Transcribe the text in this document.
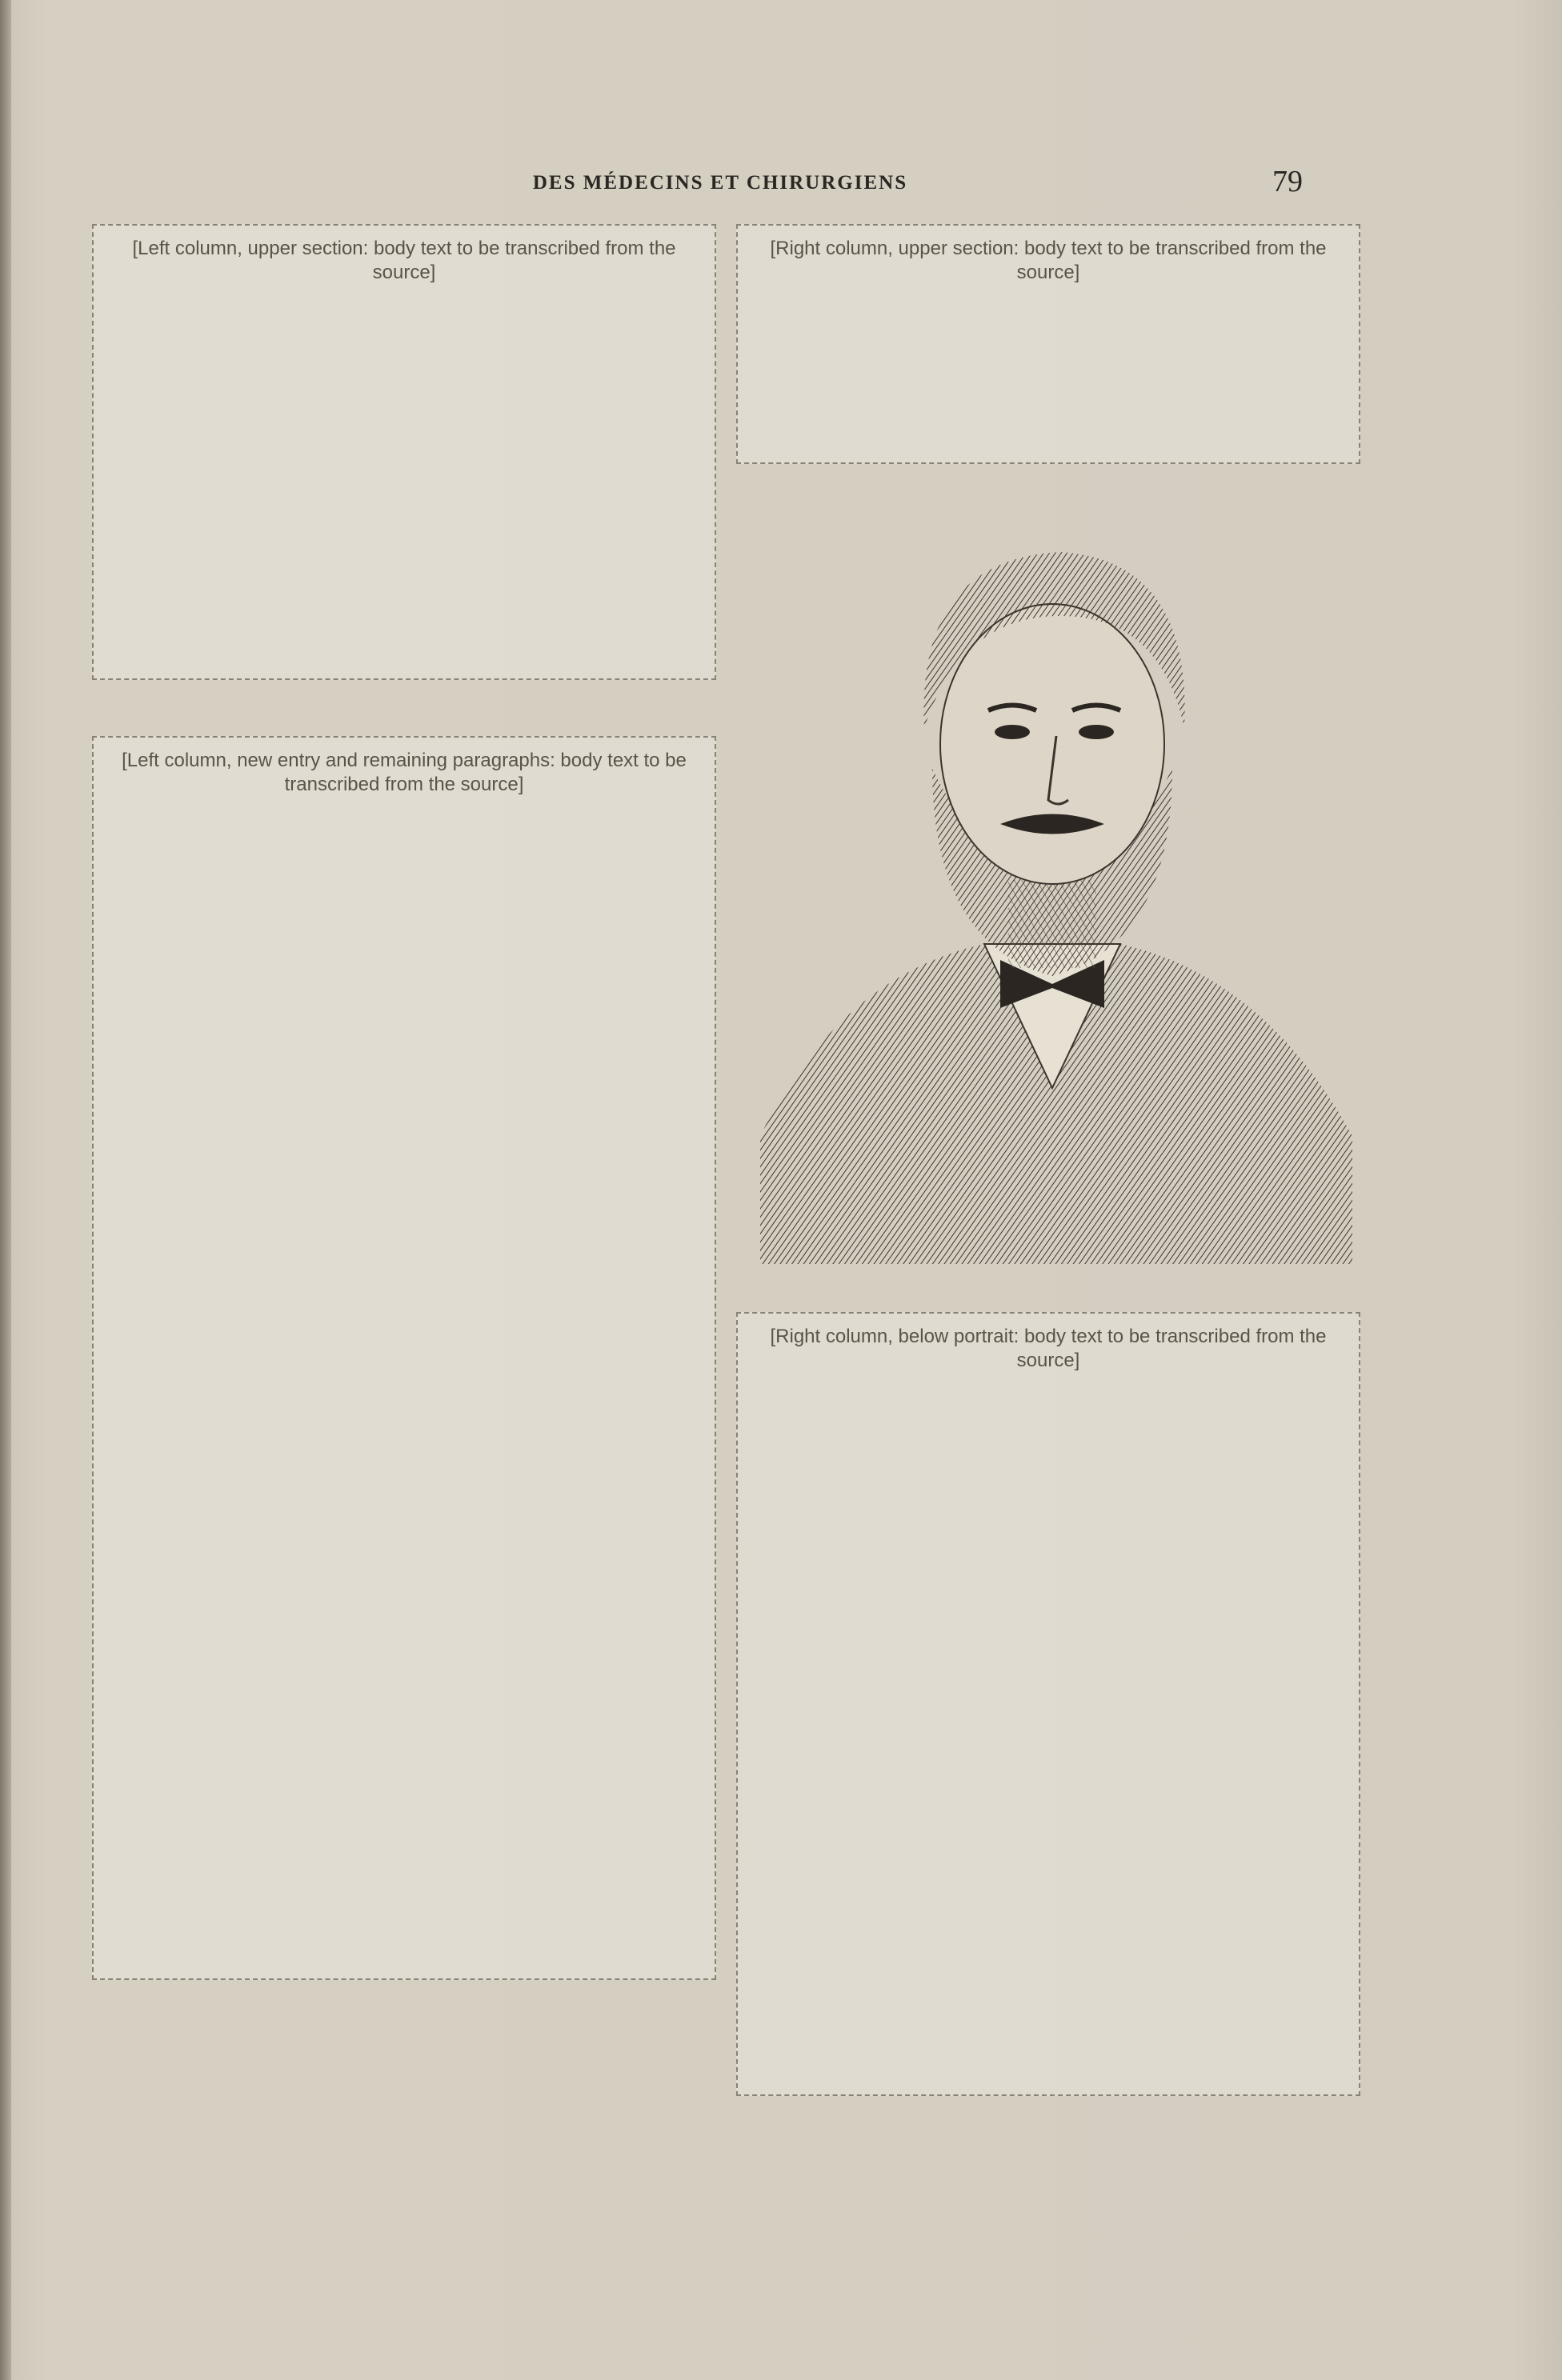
DES MÉDECINS ET CHIRURGIENS	79
[Left column, upper section: body text to be transcribed from the source]
[Left column, new entry and remaining paragraphs: body text to be transcribed from the source]
[Right column, upper section: body text to be transcribed from the source]
[Right column, below portrait: body text to be transcribed from the source]
